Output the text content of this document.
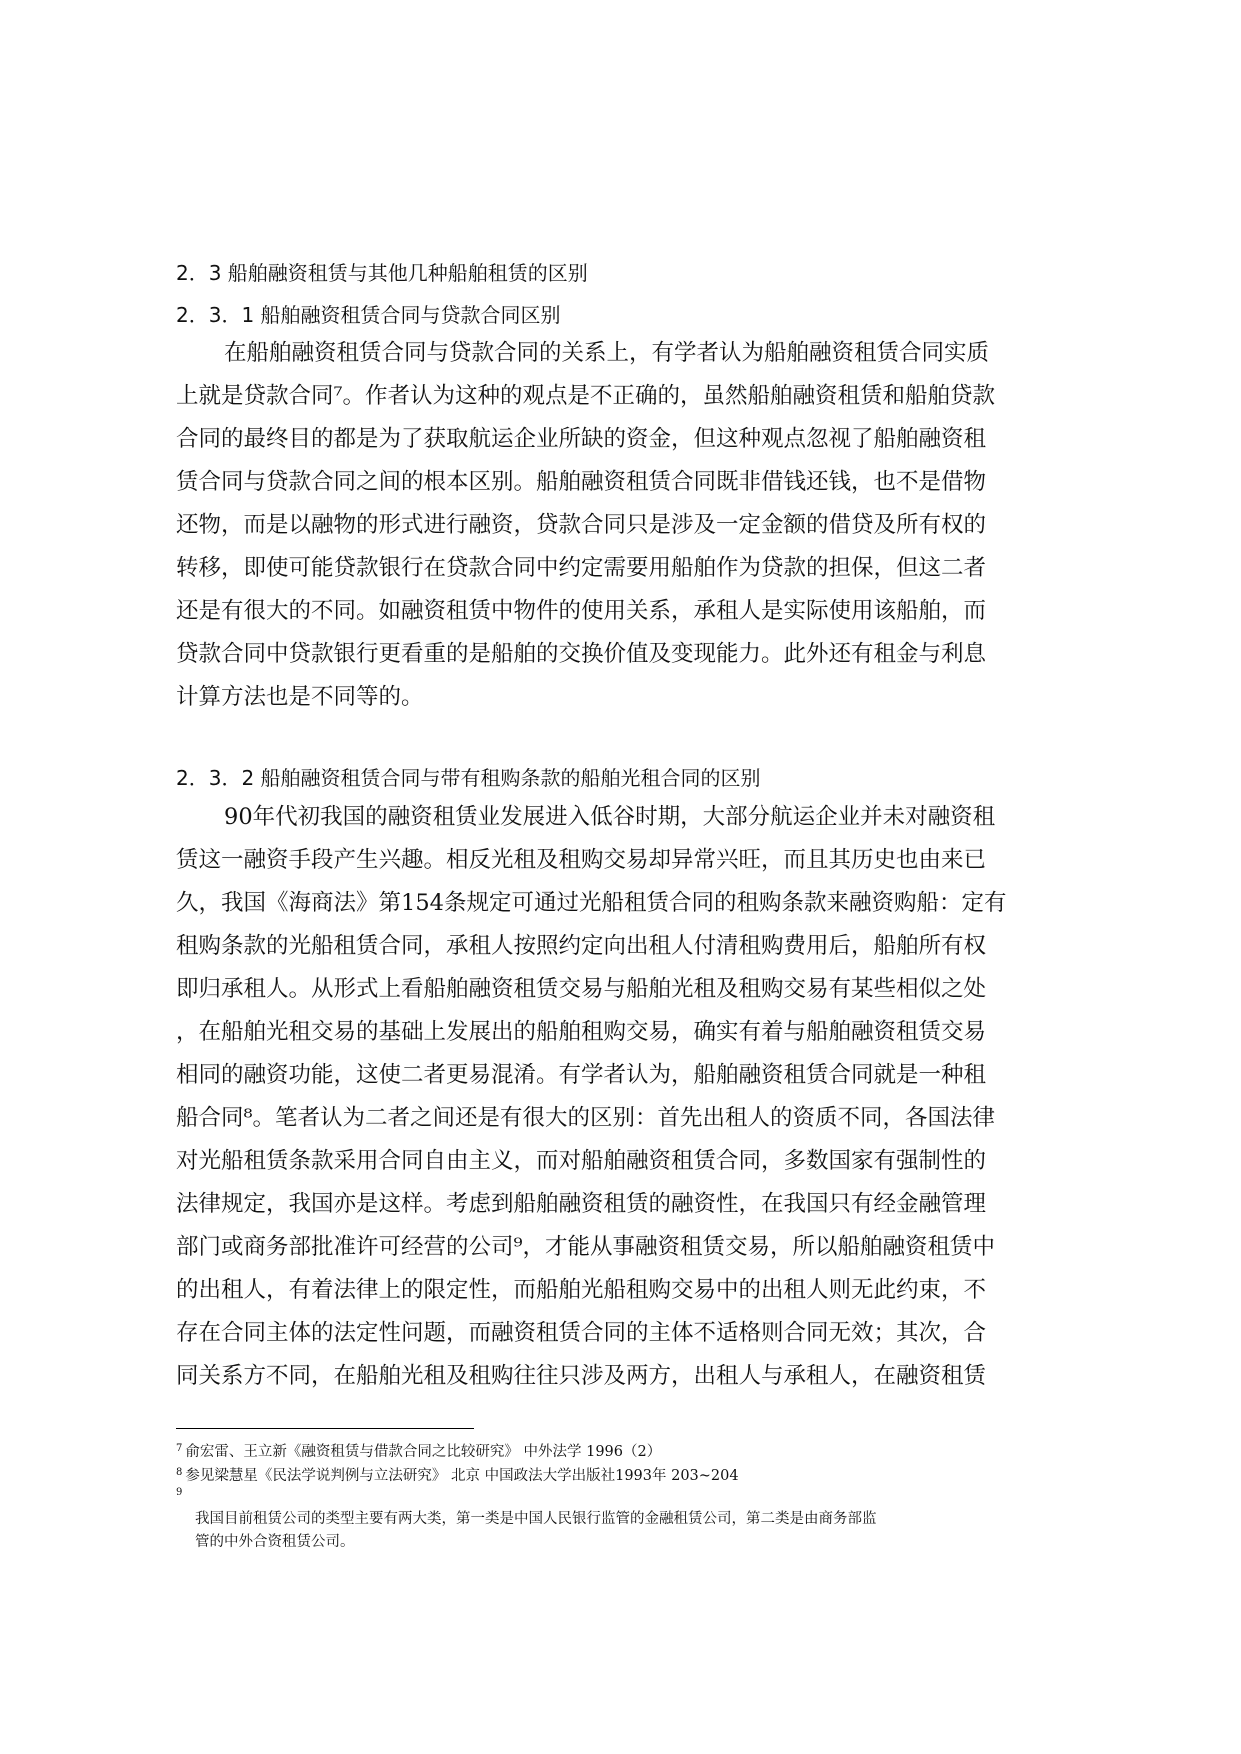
2．3 船舶融资租赁与其他几种船舶租赁的区别
2．3．1 船舶融资租赁合同与贷款合同区别
在船舶融资租赁合同与贷款合同的关系上，有学者认为船舶融资租赁合同实质
上就是贷款合同⁷。作者认为这种的观点是不正确的，虽然船舶融资租赁和船舶贷款
合同的最终目的都是为了获取航运企业所缺的资金，但这种观点忽视了船舶融资租
赁合同与贷款合同之间的根本区别。船舶融资租赁合同既非借钱还钱，也不是借物
还物，而是以融物的形式进行融资，贷款合同只是涉及一定金额的借贷及所有权的
转移，即使可能贷款银行在贷款合同中约定需要用船舶作为贷款的担保，但这二者
还是有很大的不同。如融资租赁中物件的使用关系，承租人是实际使用该船舶，而
贷款合同中贷款银行更看重的是船舶的交换价值及变现能力。此外还有租金与利息
计算方法也是不同等的。
2．3．2 船舶融资租赁合同与带有租购条款的船舶光租合同的区别
90年代初我国的融资租赁业发展进入低谷时期，大部分航运企业并未对融资租
赁这一融资手段产生兴趣。相反光租及租购交易却异常兴旺，而且其历史也由来已
久，我国《海商法》第154条规定可通过光船租赁合同的租购条款来融资购船：定有
租购条款的光船租赁合同，承租人按照约定向出租人付清租购费用后，船舶所有权
即归承租人。从形式上看船舶融资租赁交易与船舶光租及租购交易有某些相似之处
，在船舶光租交易的基础上发展出的船舶租购交易，确实有着与船舶融资租赁交易
相同的融资功能，这使二者更易混淆。有学者认为，船舶融资租赁合同就是一种租
船合同⁸。笔者认为二者之间还是有很大的区别：首先出租人的资质不同，各国法律
对光船租赁条款采用合同自由主义，而对船舶融资租赁合同，多数国家有强制性的
法律规定，我国亦是这样。考虑到船舶融资租赁的融资性，在我国只有经金融管理
部门或商务部批准许可经营的公司⁹，才能从事融资租赁交易，所以船舶融资租赁中
的出租人，有着法律上的限定性，而船舶光船租购交易中的出租人则无此约束，不
存在合同主体的法定性问题，而融资租赁合同的主体不适格则合同无效；其次，合
同关系方不同，在船舶光租及租购往往只涉及两方，出租人与承租人，在融资租赁

$^7$ 俞宏雷、王立新《融资租赁与借款合同之比较研究》 中外法学 1996（2）

$^8$ 参见梁慧星《民法学说判例与立法研究》 北京 中国政法大学出版社1993年 203~204

$^9$

我国目前租赁公司的类型主要有两大类，第一类是中国人民银行监管的金融租赁公司，第二类是由商务部监

管的中外合资租赁公司。
